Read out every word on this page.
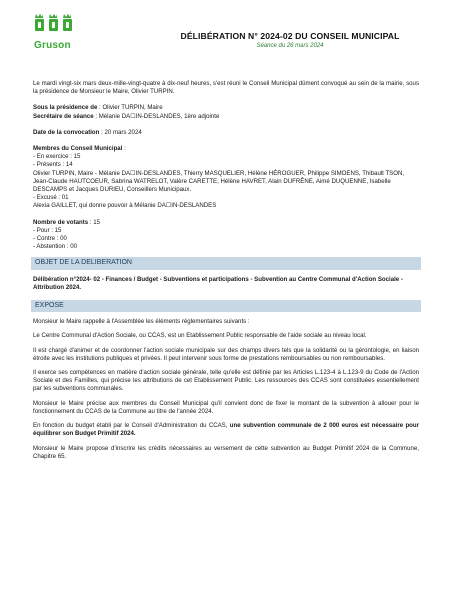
Gruson
DÉLIBÉRATION N° 2024-02 DU CONSEIL MUNICIPAL
Séance du 26 mars 2024

Le mardi vingt-six mars deux-mille-vingt-quatre à dix-neuf heures, s'est réuni le Conseil Municipal dûment convoqué au sein de la mairie, sous la présidence de Monsieur le Maire, Olivier TURPIN.

Sous la présidence de : Olivier TURPIN, Maire

Secrétaire de séance : Mélanie DA☐IN-DESLANDES, 1ère adjointe

Date de la convocation : 20 mars 2024

Membres du Conseil Municipal :

- En exercice : 15

- Présents : 14

Olivier TURPIN, Maire - Mélanie DA☐IN-DESLANDES, Thierry MASQUELIER, Hélène HÉROGUER, Philippe SIMOENS, Thibault TSON, Jean-Claude HAUTCOEUR, Sabrina WATRELOT, Valère CARETTE, Hélène HAVRET, Alain DUFRÊNE, Aimé DUQUENNE, Isabelle DESCAMPS et Jacques DURIEU, Conseillers Municipaux.

- Excusé : 01

Alexia GAILLET, qui donne pouvoir à Mélanie DA☐IN-DESLANDES

Nombre de votants : 15

- Pour : 15

- Contre : 00

- Abstention : 00

OBJET DE LA DELIBERATION

Délibération n°2024- 02 - Finances / Budget - Subventions et participations - Subvention au Centre Communal d'Action Sociale - Attribution 2024.

EXPOSE

Monsieur le Maire rappelle à l'Assemblée les éléments réglementaires suivants :

Le Centre Communal d'Action Sociale, ou CCAS, est un Etablissement Public responsable de l'aide sociale au niveau local.

Il est chargé d'animer et de coordonner l'action sociale municipale sur des champs divers tels que la solidarité ou la gérontologie, en liaison étroite avec les institutions publiques et privées. Il peut intervenir sous forme de prestations remboursables ou non remboursables.

Il exerce ses compétences en matière d'action sociale générale, telle qu'elle est définie par les Articles L.123-4 à L.123-9 du Code de l'Action Sociale et des Familles, qui précise les attributions de cet Etablissement Public. Les ressources des CCAS sont constituées essentiellement par les subventions communales.

Monsieur le Maire précise aux membres du Conseil Municipal qu'il convient donc de fixer le montant de la subvention à allouer pour le fonctionnement du CCAS de la Commune au titre de l'année 2024.

En fonction du budget établi par le Conseil d'Administration du CCAS, une subvention communale de 2 000 euros est nécessaire pour équilibrer son Budget Primitif 2024.

Monsieur le Maire propose d'inscrire les crédits nécessaires au versement de cette subvention au Budget Primitif 2024 de la Commune, Chapitre 65.
